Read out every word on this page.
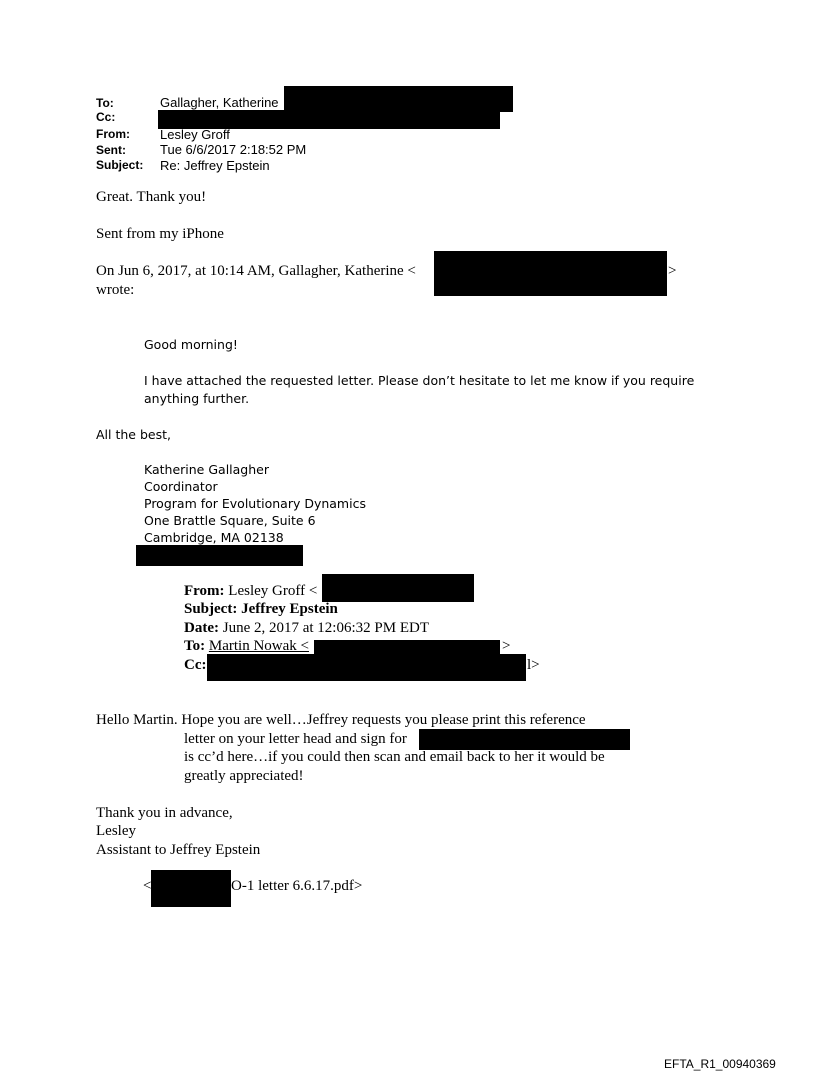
To:	Gallagher, Katherine
Cc:
From: Lesley Groff
Sent:	Tue 6/6/2017 2:18:52 PM
Subject: Re: Jeffrey Epstein
Great. Thank you!
Sent from my iPhone
On Jun 6, 2017, at 10:14 AM, Gallagher, Katherine <	>
wrote:
Good morning!
I have attached the requested letter. Please don’t hesitate to let me know if you require
anything further.
All the best,
Katherine Gallagher
Coordinator
Program for Evolutionary Dynamics
One Brattle Square, Suite 6
Cambridge, MA 02138
From: Lesley Groff <
Subject: Jeffrey Epstein
Date: June 2, 2017 at 12:06:32 PM EDT
To: Martin Nowak <	>
Cc:	l>
Hello Martin. Hope you are well…Jeffrey requests you please print this reference
letter on your letter head and sign for
is cc’d here…if you could then scan and email back to her it would be
greatly appreciated!
Thank you in advance,
Lesley
Assistant to Jeffrey Epstein
<	O-1 letter 6.6.17.pdf>
EFTA_R1_00940369
